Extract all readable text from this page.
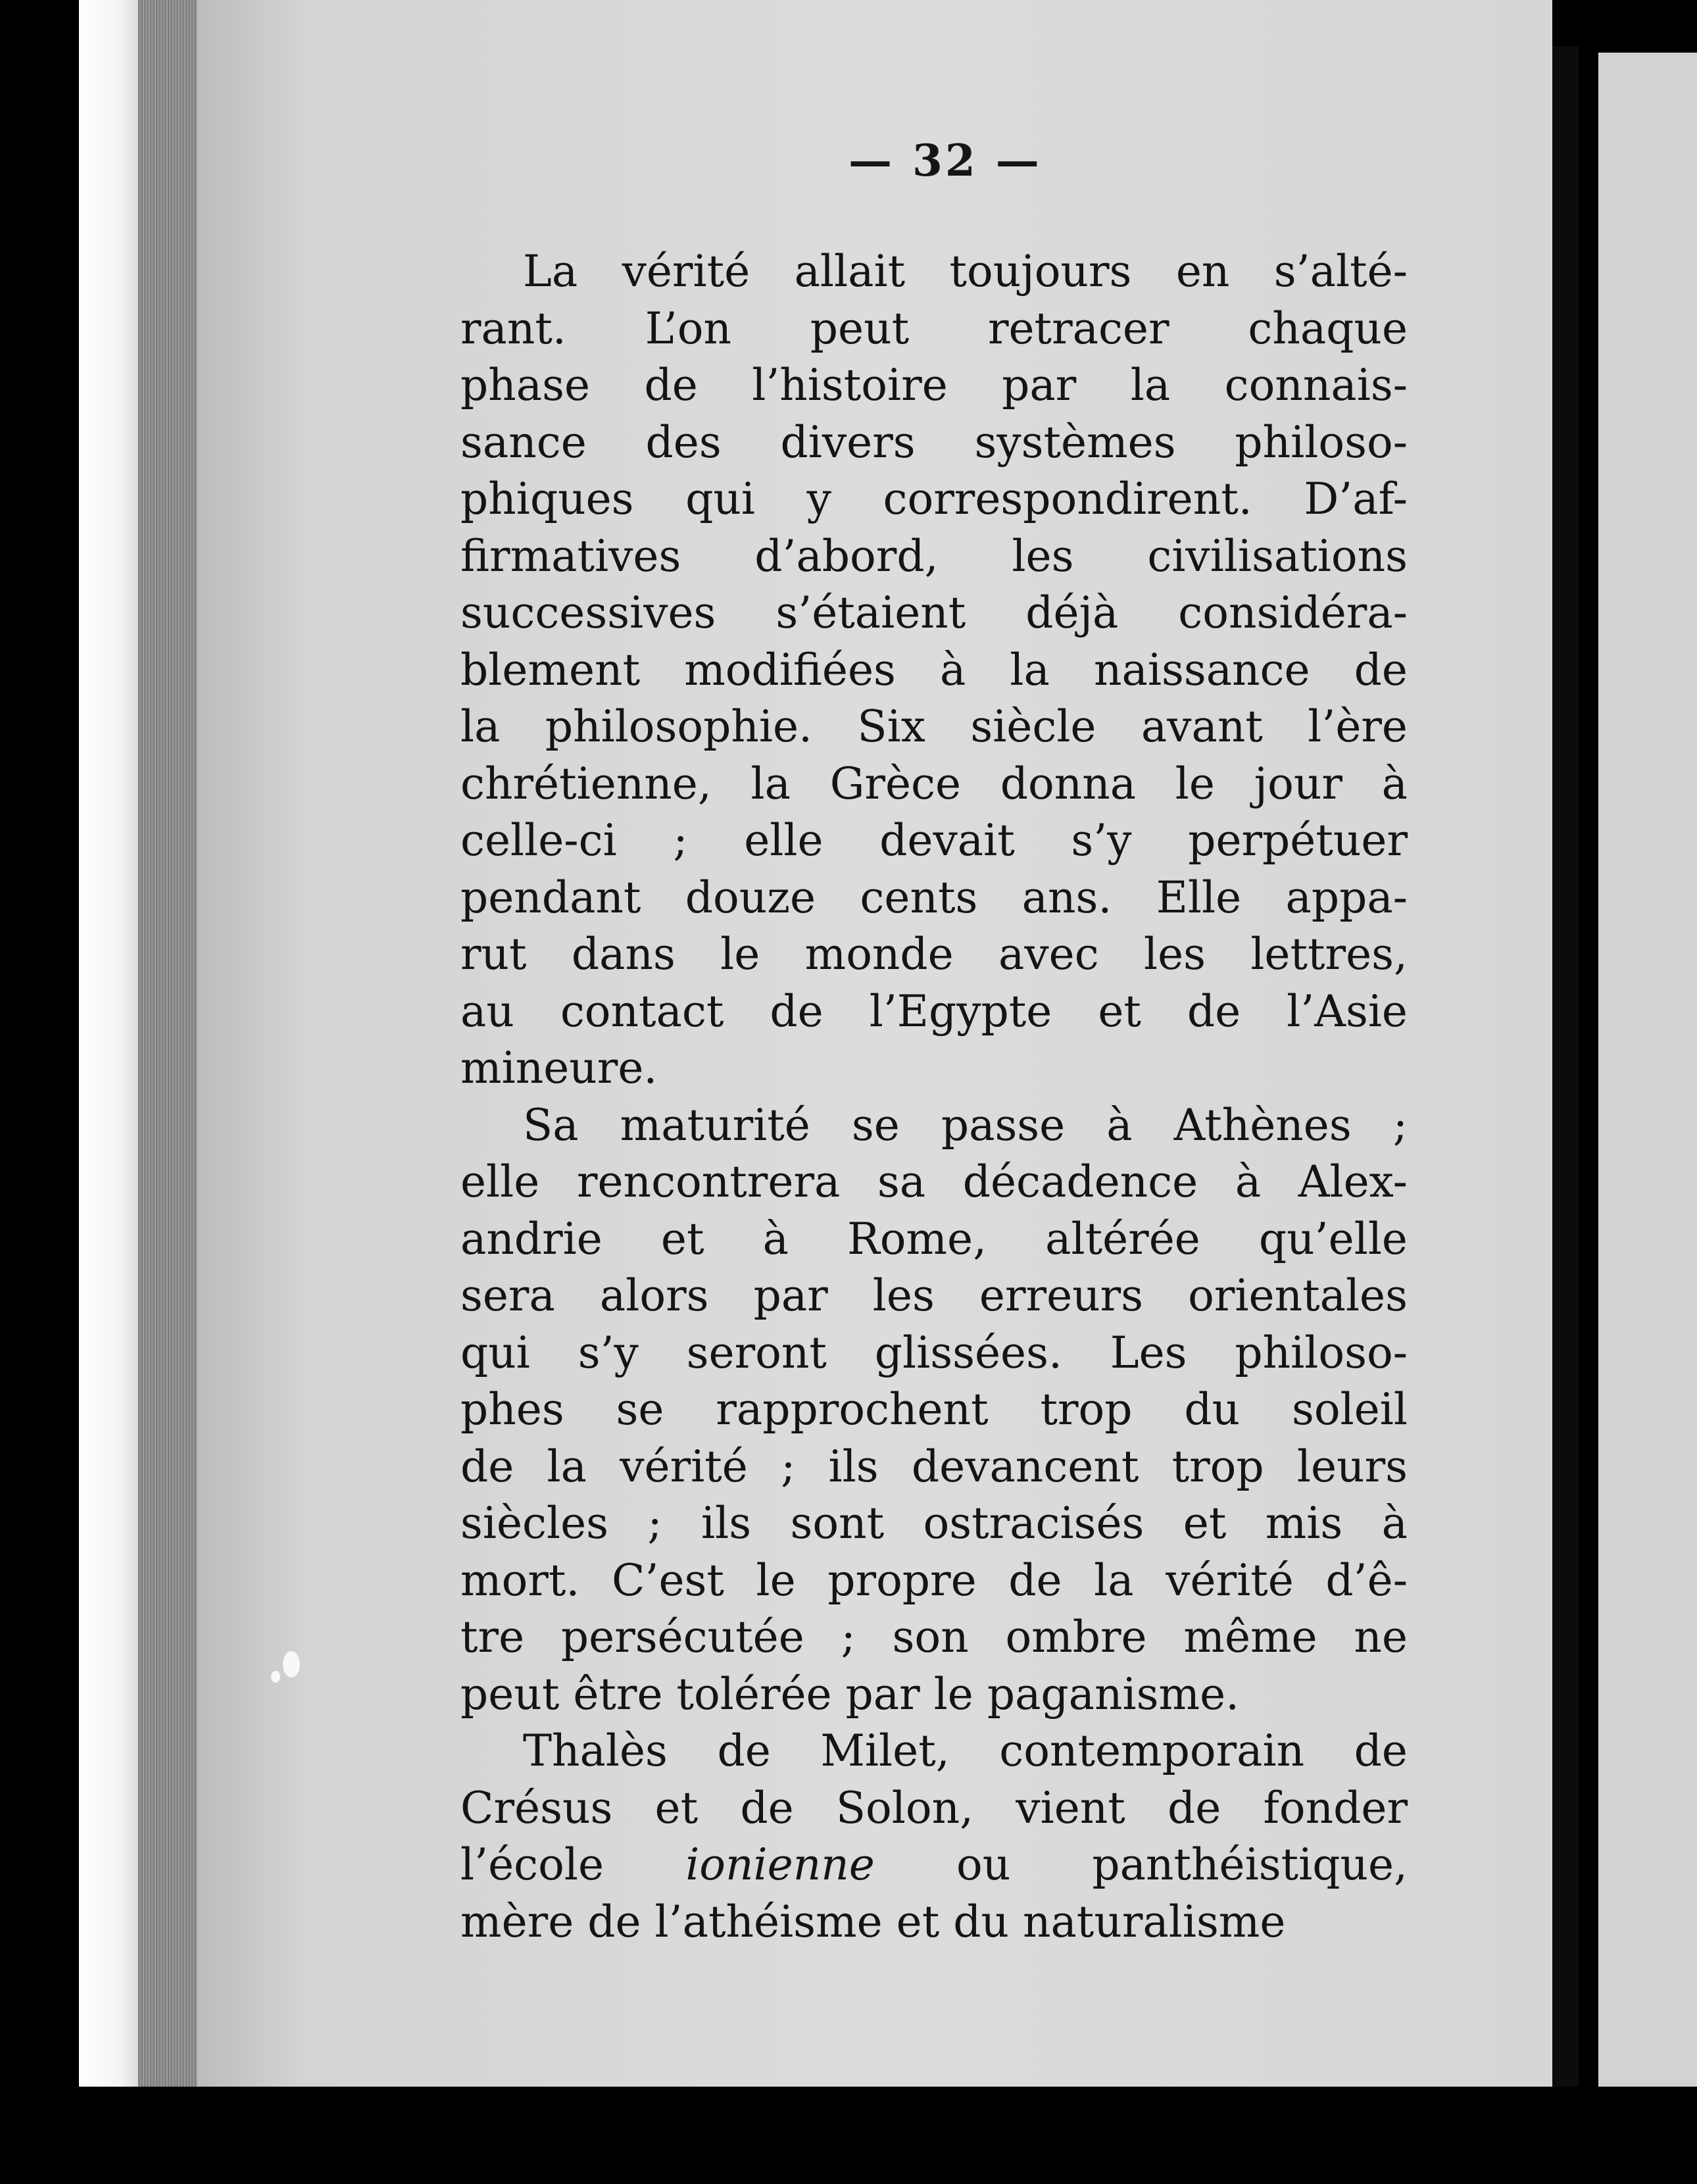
— 32 —
La vérité allait toujours en s’alté-
rant. L’on peut retracer chaque
phase de l’histoire par la connais-
sance des divers systèmes philoso-
phiques qui y correspondirent. D’af-
firmatives d’abord, les civilisations
successives s’étaient déjà considéra-
blement modifiées à la naissance de
la philosophie. Six siècle avant l’ère
chrétienne, la Grèce donna le jour à
celle-ci ; elle devait s’y perpétuer
pendant douze cents ans. Elle appa-
rut dans le monde avec les lettres,
au contact de l’Egypte et de l’Asie
mineure.
Sa maturité se passe à Athènes ;
elle rencontrera sa décadence à Alex-
andrie et à Rome, altérée qu’elle
sera alors par les erreurs orientales
qui s’y seront glissées. Les philoso-
phes se rapprochent trop du soleil
de la vérité ; ils devancent trop leurs
siècles ; ils sont ostracisés et mis à
mort. C’est le propre de la vérité d’ê-
tre persécutée ; son ombre même ne
peut être tolérée par le paganisme.
Thalès de Milet, contemporain de
Crésus et de Solon, vient de fonder
l’école ionienne ou panthéistique,
mère de l’athéisme et du naturalisme
